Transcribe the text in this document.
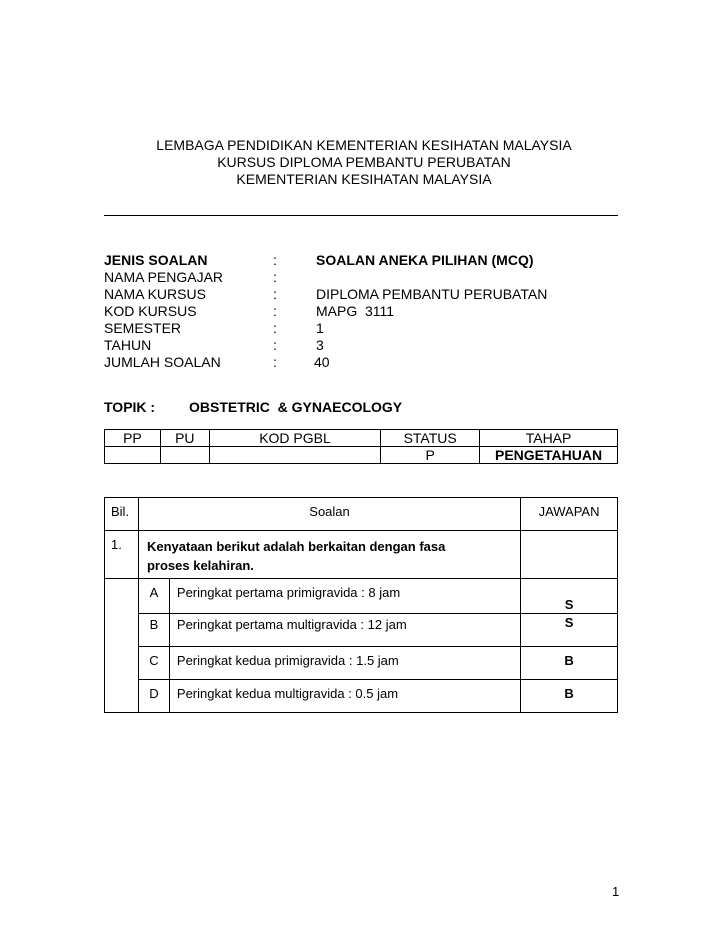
LEMBAGA PENDIDIKAN KEMENTERIAN KESIHATAN MALAYSIA
KURSUS DIPLOMA PEMBANTU PERUBATAN
KEMENTERIAN KESIHATAN MALAYSIA
JENIS SOALAN	:	SOALAN ANEKA PILIHAN (MCQ)
NAMA PENGAJAR	:
NAMA KURSUS	:	DIPLOMA PEMBANTU PERUBATAN
KOD KURSUS	:	MAPG  3111
SEMESTER	:	1
TAHUN	:	3
JUMLAH SOALAN	:	40
TOPIK : OBSTETRIC  & GYNAECOLOGY
PP	PU	KOD PGBL	STATUS	TAHAP
			P	PENGETAHUAN
Bil.	Soalan		JAWAPAN
1.	Kenyataan berikut adalah berkaitan dengan fasa
proses kelahiran.		

	A	Peringkat pertama primigravida : 8 jam	S
	B	Peringkat pertama multigravida : 12 jam	S
	C	Peringkat kedua primigravida : 1.5 jam	B
	D	Peringkat kedua multigravida : 0.5 jam	B
1
